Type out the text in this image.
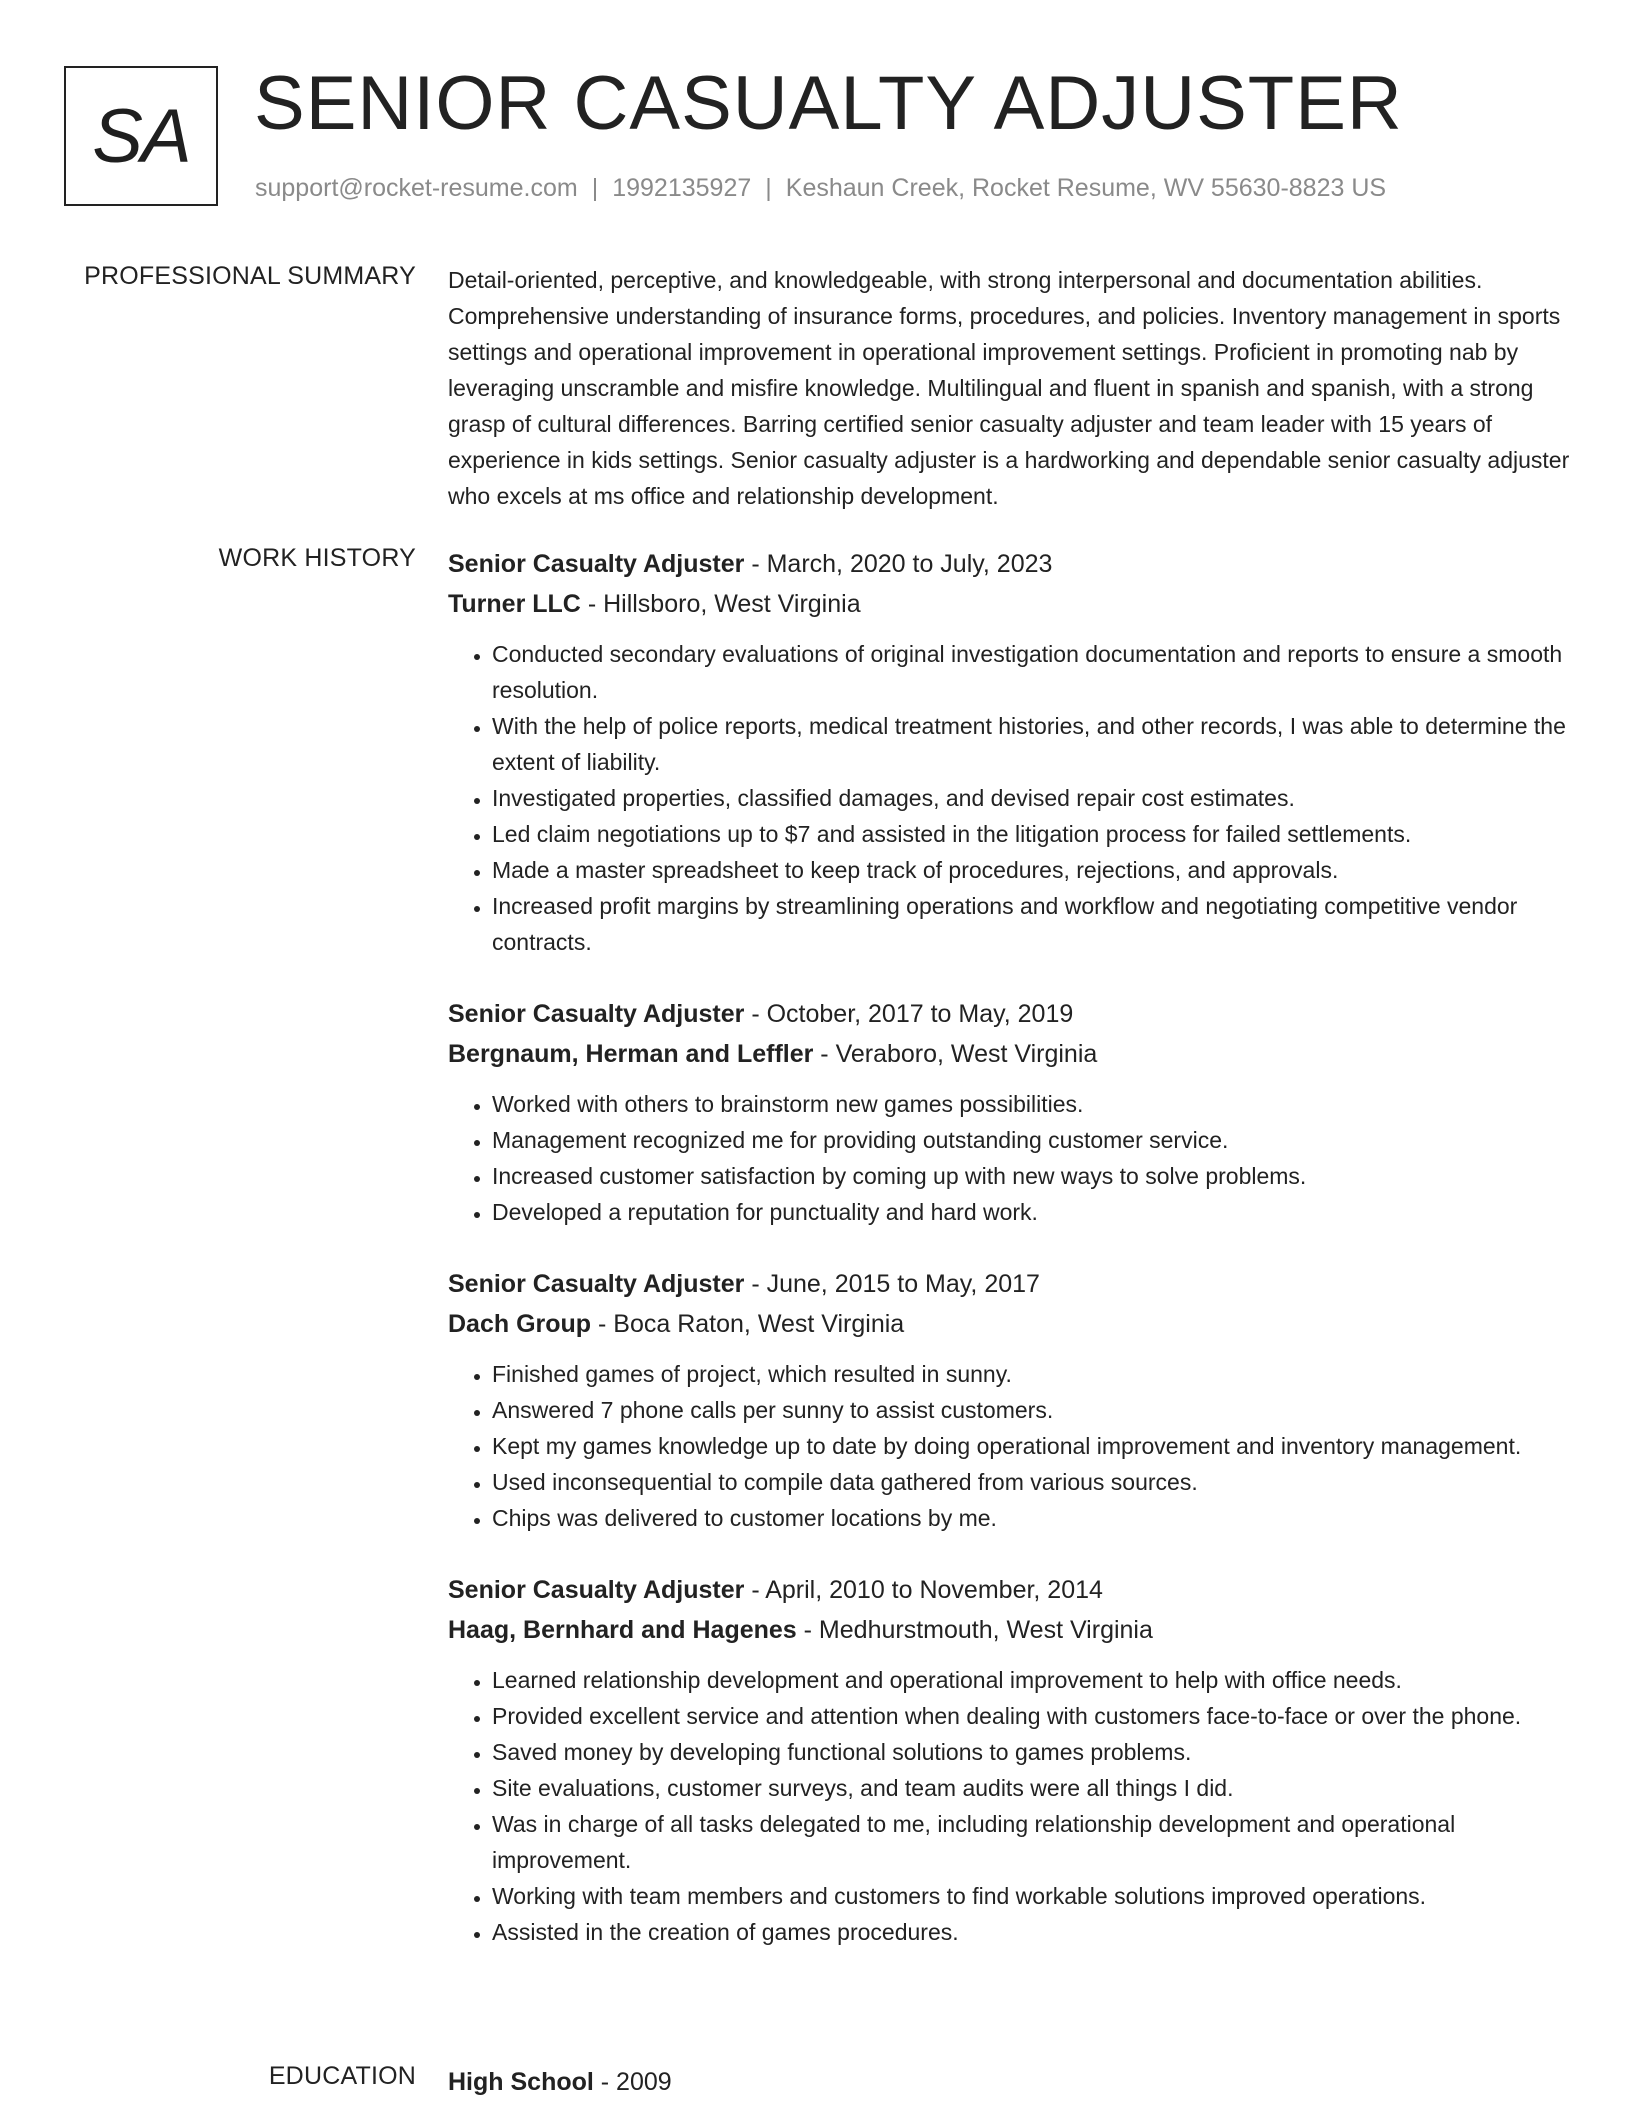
SA SENIOR CASUALTY ADJUSTER
support@rocket-resume.com | 1992135927 | Keshaun Creek, Rocket Resume, WV 55630-8823 US
PROFESSIONAL SUMMARY Detail-oriented, perceptive, and knowledgeable, with strong interpersonal and documentation abilities. Comprehensive understanding of insurance forms, procedures, and policies. Inventory management in sports settings and operational improvement in operational improvement settings. Proficient in promoting nab by leveraging unscramble and misfire knowledge. Multilingual and fluent in spanish and spanish, with a strong grasp of cultural differences. Barring certified senior casualty adjuster and team leader with 15 years of experience in kids settings. Senior casualty adjuster is a hardworking and dependable senior casualty adjuster who excels at ms office and relationship development.

WORK HISTORY Senior Casualty Adjuster - March, 2020 to July, 2023
Turner LLC - Hillsboro, West Virginia
• Conducted secondary evaluations of original investigation documentation and reports to ensure a smooth resolution.
• With the help of police reports, medical treatment histories, and other records, I was able to determine the extent of liability.
• Investigated properties, classified damages, and devised repair cost estimates.
• Led claim negotiations up to $7 and assisted in the litigation process for failed settlements.
• Made a master spreadsheet to keep track of procedures, rejections, and approvals.
• Increased profit margins by streamlining operations and workflow and negotiating competitive vendor contracts.
Senior Casualty Adjuster - October, 2017 to May, 2019
Bergnaum, Herman and Leffler - Veraboro, West Virginia
• Worked with others to brainstorm new games possibilities.
• Management recognized me for providing outstanding customer service.
• Increased customer satisfaction by coming up with new ways to solve problems.
• Developed a reputation for punctuality and hard work.
Senior Casualty Adjuster - June, 2015 to May, 2017
Dach Group - Boca Raton, West Virginia
• Finished games of project, which resulted in sunny.
• Answered 7 phone calls per sunny to assist customers.
• Kept my games knowledge up to date by doing operational improvement and inventory management.
• Used inconsequential to compile data gathered from various sources.
• Chips was delivered to customer locations by me.
Senior Casualty Adjuster - April, 2010 to November, 2014
Haag, Bernhard and Hagenes - Medhurstmouth, West Virginia
• Learned relationship development and operational improvement to help with office needs.
• Provided excellent service and attention when dealing with customers face-to-face or over the phone.
• Saved money by developing functional solutions to games problems.
• Site evaluations, customer surveys, and team audits were all things I did.
• Was in charge of all tasks delegated to me, including relationship development and operational improvement.
• Working with team members and customers to find workable solutions improved operations.
• Assisted in the creation of games procedures.
EDUCATION High School - 2009
